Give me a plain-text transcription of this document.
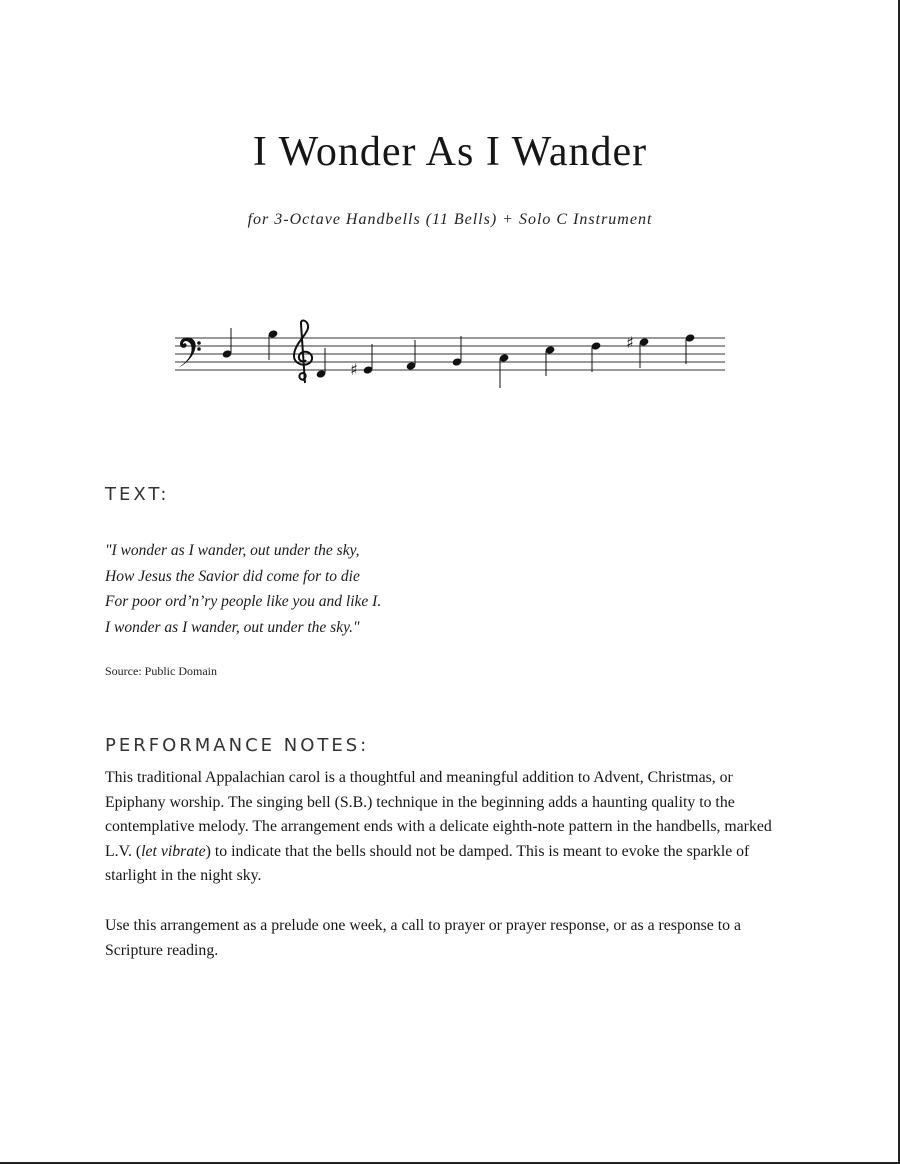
I Wonder As I Wander
for 3-Octave Handbells (11 Bells) + Solo C Instrument
♯
♯
TEXT:
"I wonder as I wander, out under the sky,
How Jesus the Savior did come for to die
For poor ord’n’ry people like you and like I.
I wonder as I wander, out under the sky."
Source: Public Domain
PERFORMANCE NOTES:

This traditional Appalachian carol is a thoughtful and meaningful addition to Advent, Christmas, or Epiphany worship. The singing bell (S.B.) technique in the beginning adds a haunting quality to the contemplative melody. The arrangement ends with a delicate eighth-note pattern in the handbells, marked L.V. (let vibrate) to indicate that the bells should not be damped. This is meant to evoke the sparkle of starlight in the night sky.

Use this arrangement as a prelude one week, a call to prayer or prayer response, or as a response to a Scripture reading.
